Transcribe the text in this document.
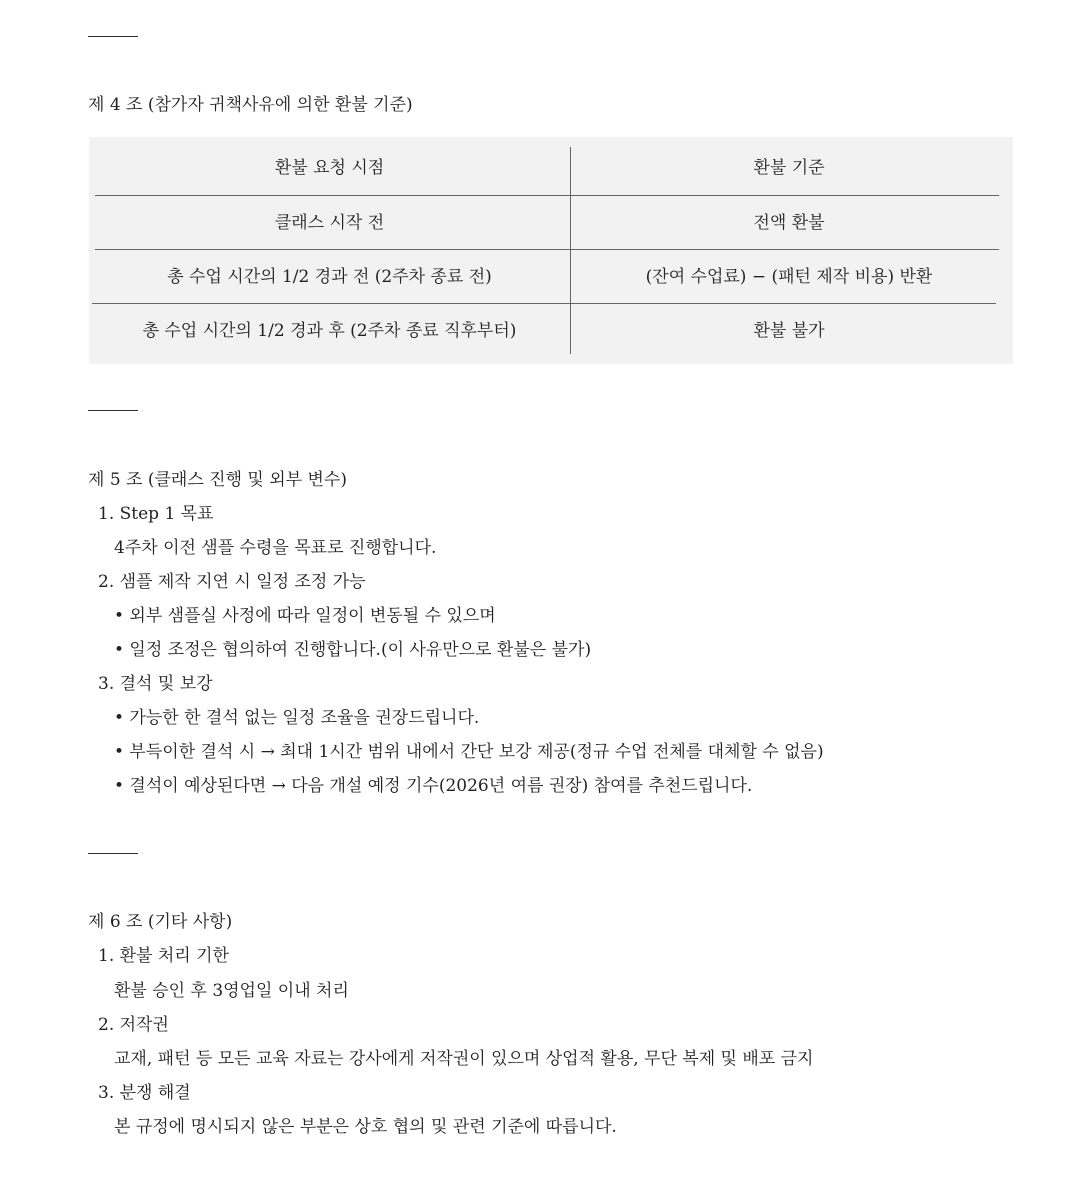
제 4 조 (참가자 귀책사유에 의한 환불 기준)
환불 요청 시점	환불 기준
클래스 시작 전	전액 환불
총 수업 시간의 1/2 경과 전 (2주차 종료 전)	(잔여 수업료) − (패턴 제작 비용) 반환
총 수업 시간의 1/2 경과 후 (2주차 종료 직후부터)	환불 불가
제 5 조 (클래스 진행 및 외부 변수)
1. Step 1 목표
4주차 이전 샘플 수령을 목표로 진행합니다.
2. 샘플 제작 지연 시 일정 조정 가능
• 외부 샘플실 사정에 따라 일정이 변동될 수 있으며
• 일정 조정은 협의하여 진행합니다.(이 사유만으로 환불은 불가)
3. 결석 및 보강
• 가능한 한 결석 없는 일정 조율을 권장드립니다.
• 부득이한 결석 시 → 최대 1시간 범위 내에서 간단 보강 제공(정규 수업 전체를 대체할 수 없음)
• 결석이 예상된다면 → 다음 개설 예정 기수(2026년 여름 권장) 참여를 추천드립니다.
제 6 조 (기타 사항)
1. 환불 처리 기한
환불 승인 후 3영업일 이내 처리
2. 저작권
교재, 패턴 등 모든 교육 자료는 강사에게 저작권이 있으며 상업적 활용, 무단 복제 및 배포 금지
3. 분쟁 해결
본 규정에 명시되지 않은 부분은 상호 협의 및 관련 기준에 따릅니다.
